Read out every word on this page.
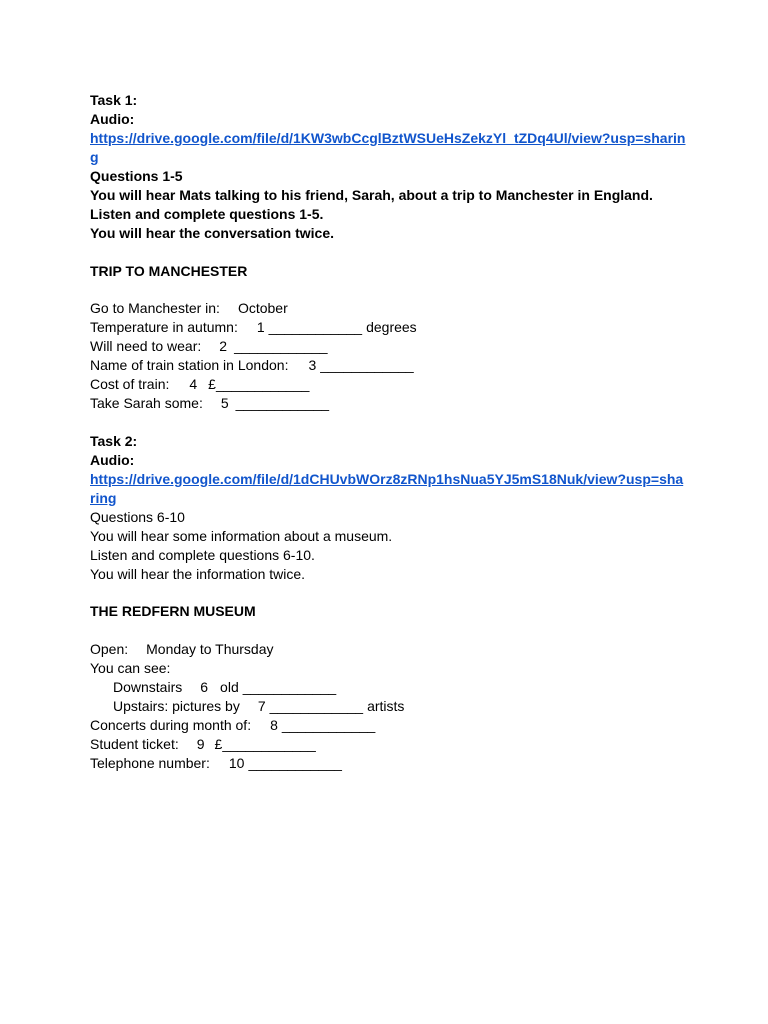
Task 1:
Audio:
https://drive.google.com/file/d/1KW3wbCcglBztWSUeHsZekzYl_tZDq4Ul/view?usp=sharin
g
Questions 1-5
You will hear Mats talking to his friend, Sarah, about a trip to Manchester in England.
Listen and complete questions 1-5.
You will hear the conversation twice.
TRIP TO MANCHESTER
Go to Manchester in: October
Temperature in autumn: 1 ____________ degrees
Will need to wear: 2 ____________
Name of train station in London: 3 ____________
Cost of train: 4 £____________
Take Sarah some: 5 ____________
Task 2:
Audio:
https://drive.google.com/file/d/1dCHUvbWOrz8zRNp1hsNua5YJ5mS18Nuk/view?usp=sha
ring
Questions 6-10
You will hear some information about a museum.
Listen and complete questions 6-10.
You will hear the information twice.
THE REDFERN MUSEUM
Open: Monday to Thursday
You can see:
Downstairs 6 old ____________
Upstairs: pictures by 7 ____________ artists
Concerts during month of: 8 ____________
Student ticket: 9 £____________
Telephone number: 10 ____________
